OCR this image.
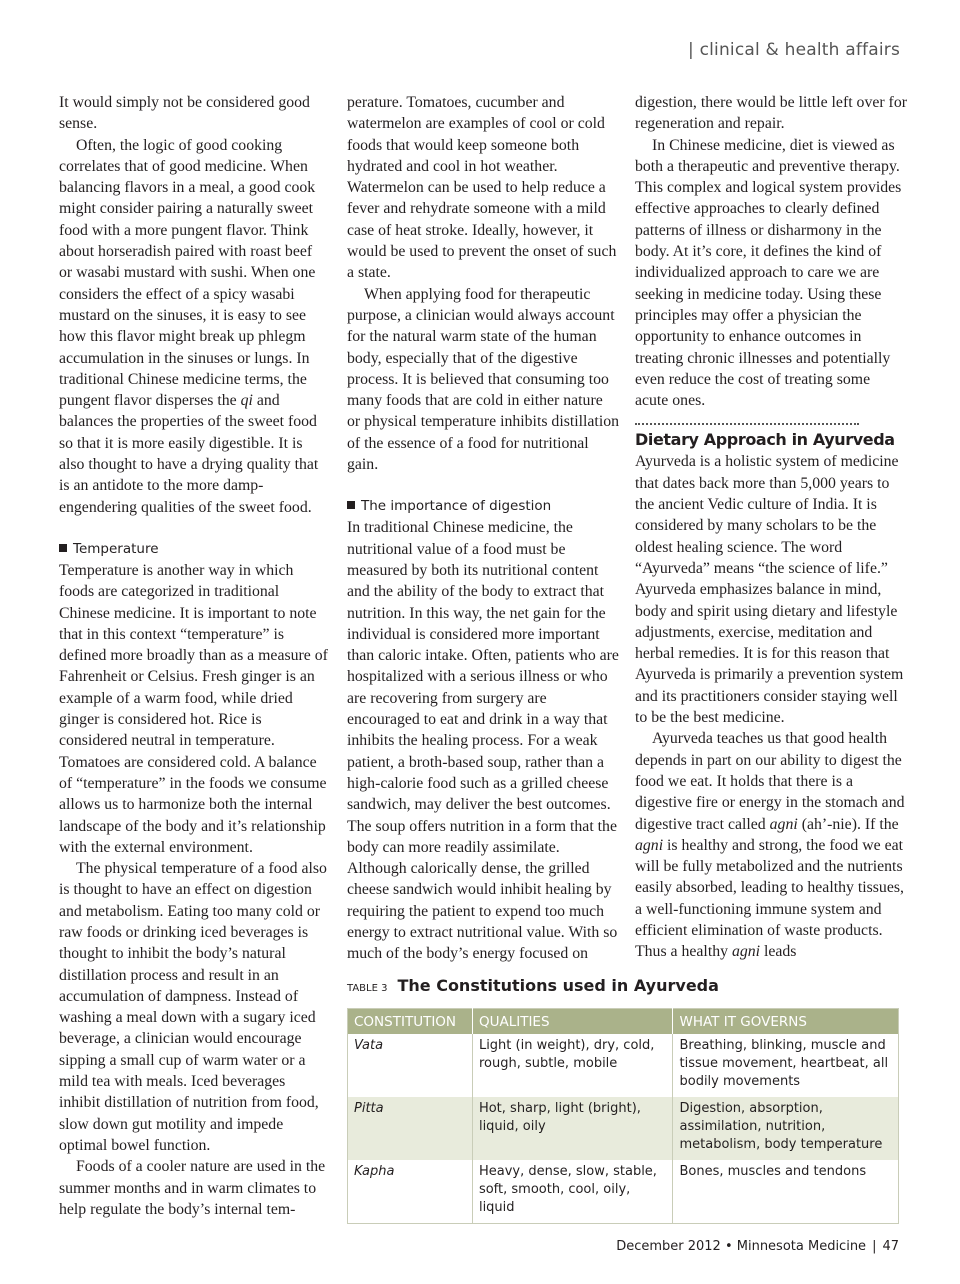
| clinical & health affairs

It would simply not be considered good sense.

Often, the logic of good cooking correlates that of good medicine. When balancing flavors in a meal, a good cook might consider pairing a naturally sweet food with a more pungent flavor. Think about horseradish paired with roast beef or wasabi mustard with sushi. When one considers the effect of a spicy wasabi mustard on the sinuses, it is easy to see how this flavor might break up phlegm accumulation in the sinuses or lungs. In traditional Chinese medicine terms, the pungent flavor disperses the qi and balances the properties of the sweet food so that it is more easily digestible. It is also thought to have a drying quality that is an antidote to the more damp-engendering qualities of the sweet food.

Temperature

Temperature is another way in which foods are categorized in traditional Chinese medicine. It is important to note that in this context “temperature” is defined more broadly than as a measure of Fahrenheit or Celsius. Fresh ginger is an example of a warm food, while dried ginger is considered hot. Rice is considered neutral in temperature. Tomatoes are considered cold. A balance of “temperature” in the foods we consume allows us to harmonize both the internal landscape of the body and it’s relationship with the external environment.

The physical temperature of a food also is thought to have an effect on digestion and metabolism. Eating too many cold or raw foods or drinking iced beverages is thought to inhibit the body’s natural distillation process and result in an accumulation of dampness. Instead of washing a meal down with a sugary iced beverage, a clinician would encourage sipping a small cup of warm water or a mild tea with meals. Iced beverages inhibit distillation of nutrition from food, slow down gut motility and impede optimal bowel function.

Foods of a cooler nature are used in the summer months and in warm climates to help regulate the body’s internal tem-

perature. Tomatoes, cucumber and watermelon are examples of cool or cold foods that would keep someone both hydrated and cool in hot weather. Watermelon can be used to help reduce a fever and rehydrate someone with a mild case of heat stroke. Ideally, however, it would be used to prevent the onset of such a state.

When applying food for therapeutic purpose, a clinician would always account for the natural warm state of the human body, especially that of the digestive process. It is believed that consuming too many foods that are cold in either nature or physical temperature inhibits distillation of the essence of a food for nutritional gain.

The importance of digestion

In traditional Chinese medicine, the nutritional value of a food must be measured by both its nutritional content and the ability of the body to extract that nutrition. In this way, the net gain for the individual is considered more important than caloric intake. Often, patients who are hospitalized with a serious illness or who are recovering from surgery are encouraged to eat and drink in a way that inhibits the healing process. For a weak patient, a broth-based soup, rather than a high-calorie food such as a grilled cheese sandwich, may deliver the best outcomes. The soup offers nutrition in a form that the body can more readily assimilate. Although calorically dense, the grilled cheese sandwich would inhibit healing by requiring the patient to expend too much energy to extract nutritional value. With so much of the body’s energy focused on

digestion, there would be little left over for regeneration and repair.

In Chinese medicine, diet is viewed as both a therapeutic and preventive therapy. This complex and logical system provides effective approaches to clearly defined patterns of illness or disharmony in the body. At it’s core, it defines the kind of individualized approach to care we are seeking in medicine today. Using these principles may offer a physician the opportunity to enhance outcomes in treating chronic illnesses and potentially even reduce the cost of treating some acute ones.

Dietary Approach in Ayurveda

Ayurveda is a holistic system of medicine that dates back more than 5,000 years to the ancient Vedic culture of India. It is considered by many scholars to be the oldest healing science. The word “Ayurveda” means “the science of life.” Ayurveda emphasizes balance in mind, body and spirit using dietary and lifestyle adjustments, exercise, meditation and herbal remedies. It is for this reason that Ayurveda is primarily a prevention system and its practitioners consider staying well to be the best medicine.

Ayurveda teaches us that good health depends in part on our ability to digest the food we eat. It holds that there is a digestive fire or energy in the stomach and digestive tract called agni (ah’-nie). If the agni is healthy and strong, the food we eat will be fully metabolized and the nutrients easily absorbed, leading to healthy tissues, a well-functioning immune system and efficient elimination of waste products. Thus a healthy agni leads

TABLE 3 The Constitutions used in Ayurveda
CONSTITUTION	QUALITIES	WHAT IT GOVERNS
Vata	Light (in weight), dry, cold, rough, subtle, mobile	Breathing, blinking, muscle and tissue movement, heartbeat, all bodily movements
Pitta	Hot, sharp, light (bright), liquid, oily	Digestion, absorption, assimilation, nutrition, metabolism, body temperature
Kapha	Heavy, dense, slow, stable, soft, smooth, cool, oily, liquid	Bones, muscles and tendons
December 2012 • Minnesota Medicine | 47
